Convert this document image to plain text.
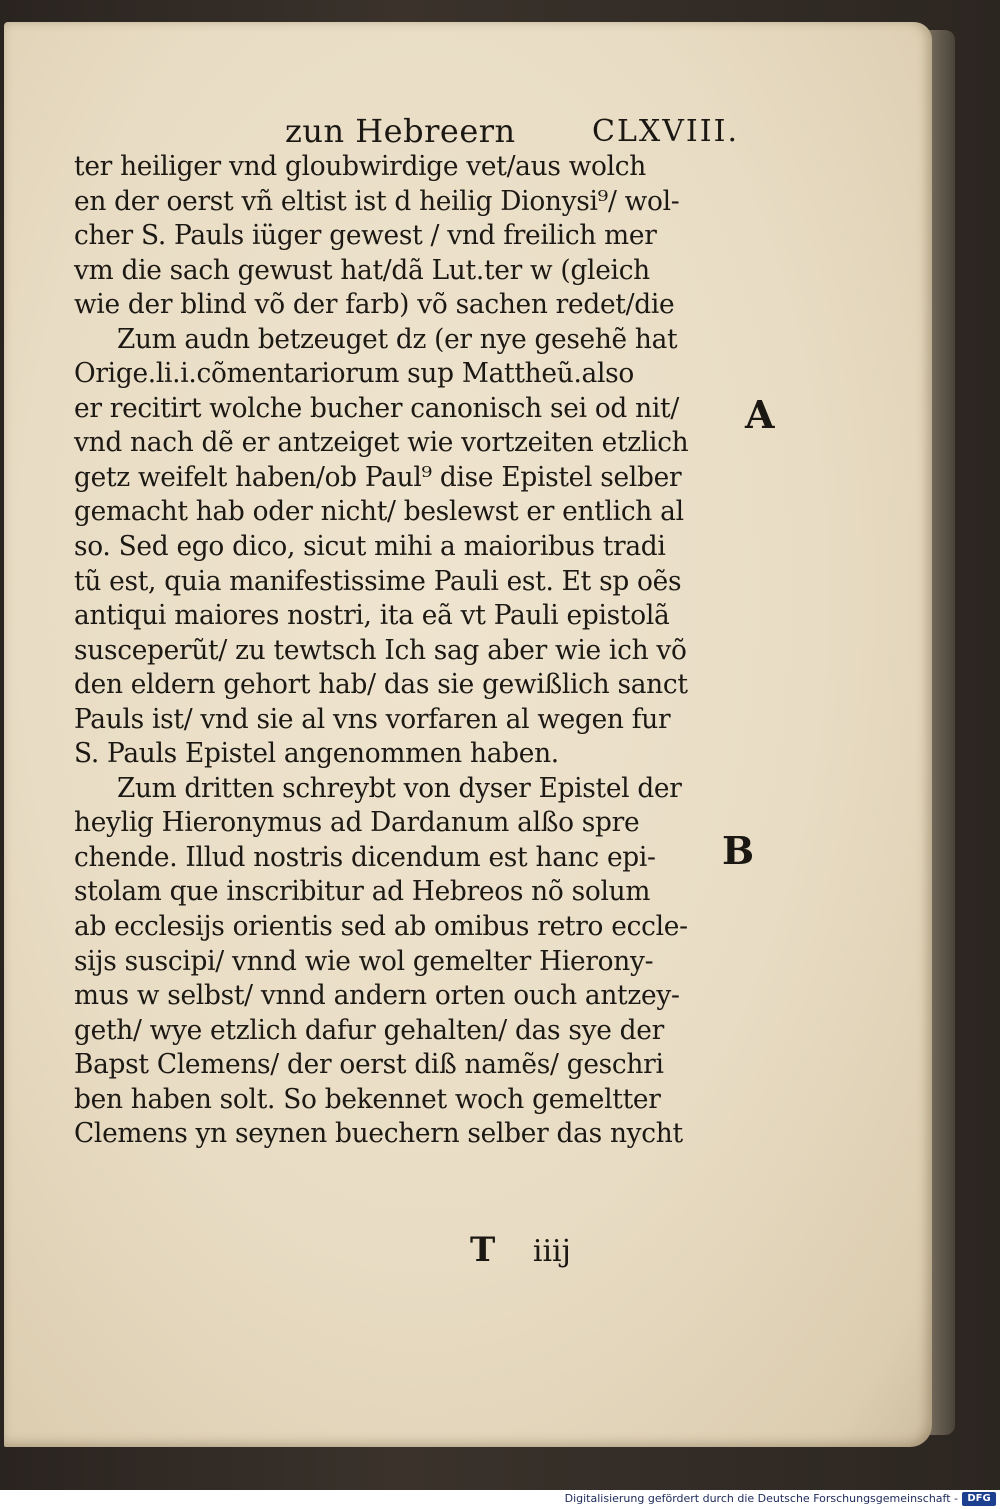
zun Hebreern	CLXVIII.
ter heiliger vnd gloubwirdige vet/aus wolch
en der oerst vñ eltist ist d heilig Dionysi⁹/ wol-
cher S. Pauls iüger gewest / vnd freilich mer
vm die sach gewust hat/dã Lut.ter w (gleich
wie der blind võ der farb) võ sachen redet/die
Zum audn betzeuget dz (er nye gesehẽ hat
Orige.li.i.cõmentariorum sup Mattheũ.also
er recitirt wolche bucher canonisch sei od nit/
vnd nach dẽ er antzeiget wie vortzeiten etzlich
getz weifelt haben/ob Paul⁹ dise Epistel selber
gemacht hab oder nicht/ beslewst er entlich al
so. Sed ego dico, sicut mihi a maioribus tradi
tũ est, quia manifestissime Pauli est. Et sp oẽs
antiqui maiores nostri, ita eã vt Pauli epistolã
susceperũt/ zu tewtsch Ich sag aber wie ich võ
den eldern gehort hab/ das sie gewißlich sanct
Pauls ist/ vnd sie al vns vorfaren al wegen fur
S. Pauls Epistel angenommen haben.
Zum dritten schreybt von dyser Epistel der
heylig Hieronymus ad Dardanum alßo spre
chende. Illud nostris dicendum est hanc epi-
stolam que inscribitur ad Hebreos nõ solum
ab ecclesijs orientis sed ab omibus retro eccle-
sijs suscipi/ vnnd wie wol gemelter Hierony-
mus w selbst/ vnnd andern orten ouch antzey-
geth/ wye etzlich dafur gehalten/ das sye der
Bapst Clemens/ der oerst diß namẽs/ geschri
ben haben solt. So bekennet woch gemeltter
Clemens yn seynen buechern selber das nycht
A
B
T iiij
Digitalisierung gefördert durch die Deutsche Forschungsgemeinschaft - DFG
